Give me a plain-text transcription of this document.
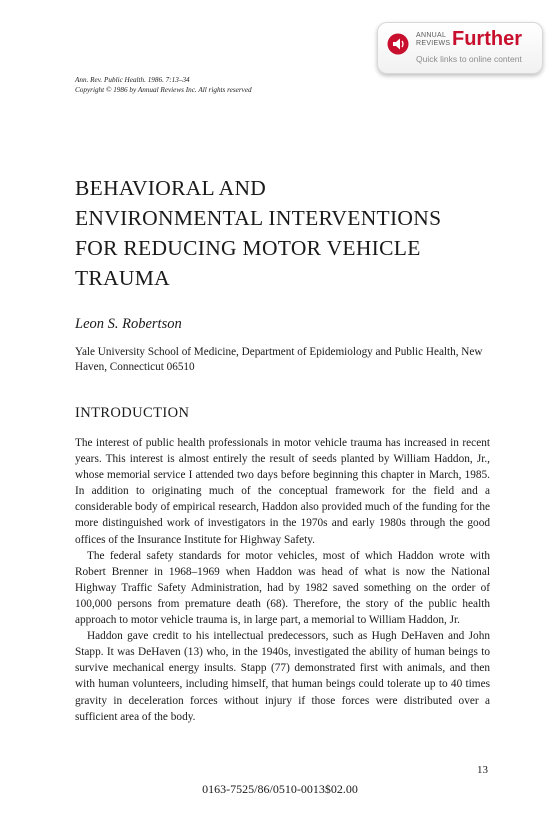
ANNUAL
REVIEWS Further
Quick links to online content
Ann. Rev. Public Health. 1986. 7:13–34
Copyright © 1986 by Annual Reviews Inc. All rights reserved
BEHAVIORAL AND
ENVIRONMENTAL INTERVENTIONS
FOR REDUCING MOTOR VEHICLE
TRAUMA
Leon S. Robertson
Yale University School of Medicine, Department of Epidemiology and Public Health, New Haven, Connecticut 06510
INTRODUCTION

The interest of public health professionals in motor vehicle trauma has increased in recent years. This interest is almost entirely the result of seeds planted by William Haddon, Jr., whose memorial service I attended two days before beginning this chapter in March, 1985. In addition to originating much of the conceptual framework for the field and a considerable body of empirical research, Haddon also provided much of the funding for the more distinguished work of investigators in the 1970s and early 1980s through the good offices of the Insurance Institute for Highway Safety.

The federal safety standards for motor vehicles, most of which Haddon wrote with Robert Brenner in 1968–1969 when Haddon was head of what is now the National Highway Traffic Safety Administration, had by 1982 saved something on the order of 100,000 persons from premature death (68). Therefore, the story of the public health approach to motor vehicle trauma is, in large part, a memorial to William Haddon, Jr.

Haddon gave credit to his intellectual predecessors, such as Hugh DeHaven and John Stapp. It was DeHaven (13) who, in the 1940s, investigated the ability of human beings to survive mechanical energy insults. Stapp (77) demonstrated first with animals, and then with human volunteers, including himself, that human beings could tolerate up to 40 times gravity in deceleration forces without injury if those forces were distributed over a sufficient area of the body.

13
0163-7525/86/0510-0013$02.00
